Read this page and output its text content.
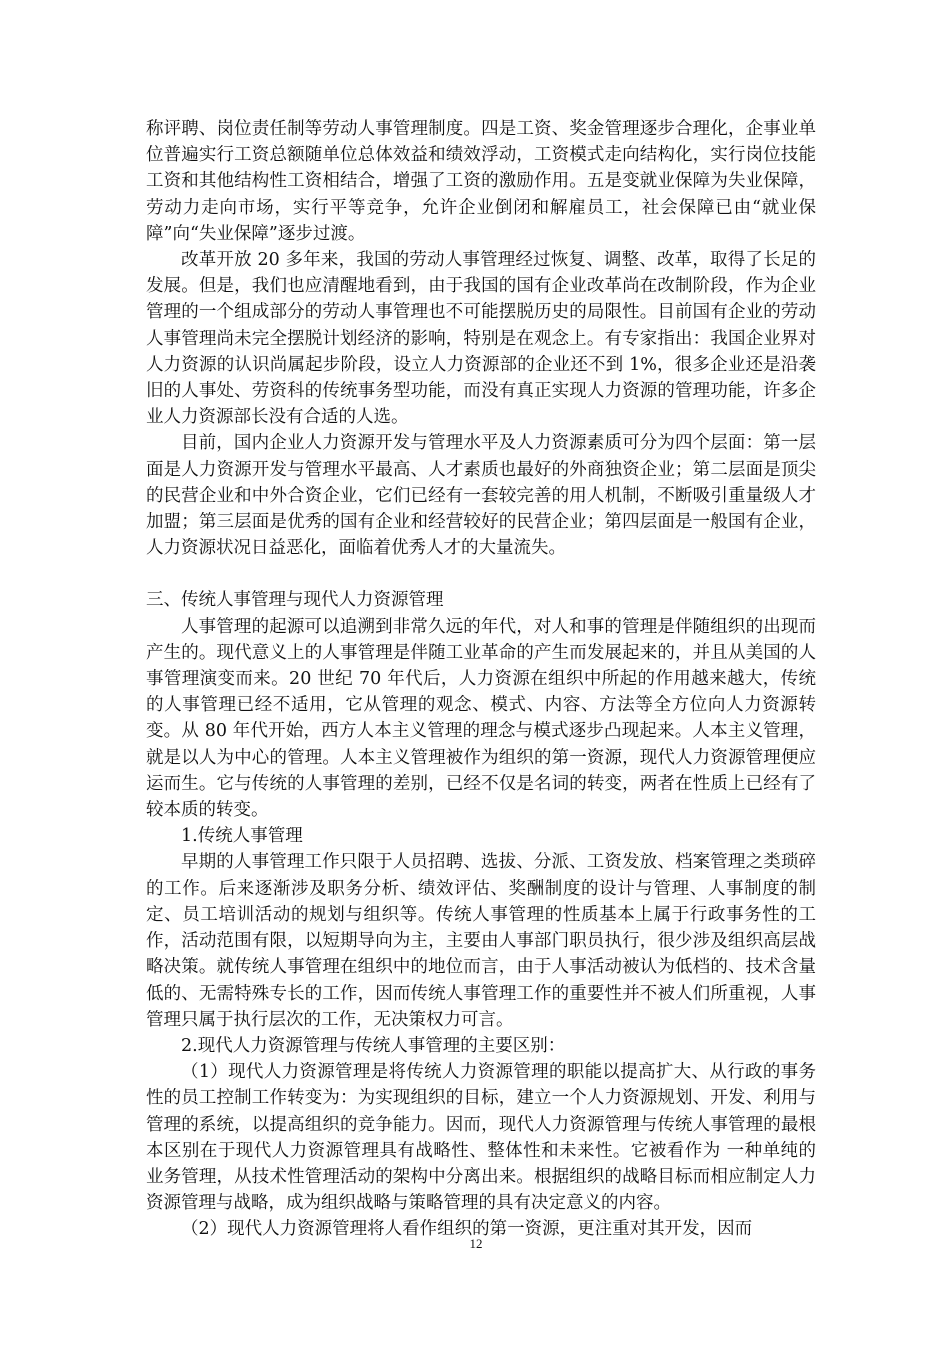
称评聘、岗位责任制等劳动人事管理制度。四是工资、奖金管理逐步合理化，企事业单位普遍实行工资总额随单位总体效益和绩效浮动，工资模式走向结构化，实行岗位技能工资和其他结构性工资相结合，增强了工资的激励作用。五是变就业保障为失业保障，劳动力走向市场，实行平等竞争，允许企业倒闭和解雇员工，社会保障已由“就业保障”向“失业保障”逐步过渡。

改革开放 20 多年来，我国的劳动人事管理经过恢复、调整、改革，取得了长足的发展。但是，我们也应清醒地看到，由于我国的国有企业改革尚在改制阶段，作为企业管理的一个组成部分的劳动人事管理也不可能摆脱历史的局限性。目前国有企业的劳动人事管理尚未完全摆脱计划经济的影响，特别是在观念上。有专家指出：我国企业界对人力资源的认识尚属起步阶段，设立人力资源部的企业还不到 1%，很多企业还是沿袭旧的人事处、劳资科的传统事务型功能，而没有真正实现人力资源的管理功能，许多企业人力资源部长没有合适的人选。

目前，国内企业人力资源开发与管理水平及人力资源素质可分为四个层面：第一层面是人力资源开发与管理水平最高、人才素质也最好的外商独资企业；第二层面是顶尖的民营企业和中外合资企业，它们已经有一套较完善的用人机制，不断吸引重量级人才加盟；第三层面是优秀的国有企业和经营较好的民营企业；第四层面是一般国有企业，人力资源状况日益恶化，面临着优秀人才的大量流失。

三、传统人事管理与现代人力资源管理

人事管理的起源可以追溯到非常久远的年代，对人和事的管理是伴随组织的出现而产生的。现代意义上的人事管理是伴随工业革命的产生而发展起来的，并且从美国的人事管理演变而来。20 世纪 70 年代后，人力资源在组织中所起的作用越来越大，传统的人事管理已经不适用，它从管理的观念、模式、内容、方法等全方位向人力资源转变。从 80 年代开始，西方人本主义管理的理念与模式逐步凸现起来。人本主义管理，就是以人为中心的管理。人本主义管理被作为组织的第一资源，现代人力资源管理便应运而生。它与传统的人事管理的差别，已经不仅是名词的转变，两者在性质上已经有了较本质的转变。

1.传统人事管理

早期的人事管理工作只限于人员招聘、选拔、分派、工资发放、档案管理之类琐碎的工作。后来逐渐涉及职务分析、绩效评估、奖酬制度的设计与管理、人事制度的制定、员工培训活动的规划与组织等。传统人事管理的性质基本上属于行政事务性的工作，活动范围有限，以短期导向为主，主要由人事部门职员执行，很少涉及组织高层战略决策。就传统人事管理在组织中的地位而言，由于人事活动被认为低档的、技术含量低的、无需特殊专长的工作，因而传统人事管理工作的重要性并不被人们所重视，人事管理只属于执行层次的工作，无决策权力可言。

2.现代人力资源管理与传统人事管理的主要区别：

（1）现代人力资源管理是将传统人力资源管理的职能以提高扩大、从行政的事务性的员工控制工作转变为：为实现组织的目标，建立一个人力资源规划、开发、利用与管理的系统，以提高组织的竞争能力。因而，现代人力资源管理与传统人事管理的最根本区别在于现代人力资源管理具有战略性、整体性和未来性。它被看作为 一种单纯的业务管理，从技术性管理活动的架构中分离出来。根据组织的战略目标而相应制定人力资源管理与战略，成为组织战略与策略管理的具有决定意义的内容。

（2）现代人力资源管理将人看作组织的第一资源，更注重对其开发，因而

12
